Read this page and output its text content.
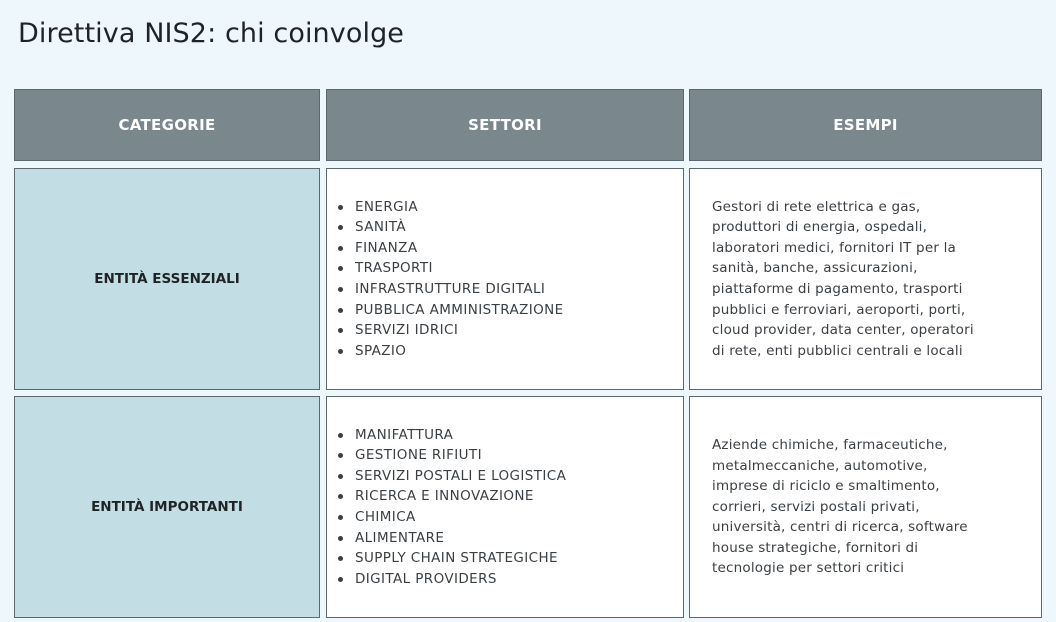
Direttiva NIS2: chi coinvolge
CATEGORIE	SETTORI	ESEMPI
ENTITÀ ESSENZIALI
ENERGIA
SANITÀ
FINANZA
TRASPORTI
INFRASTRUTTURE DIGITALI
PUBBLICA AMMINISTRAZIONE
SERVIZI IDRICI
SPAZIO
Gestori di rete elettrica e gas,
produttori di energia, ospedali,
laboratori medici, fornitori IT per la
sanità, banche, assicurazioni,
piattaforme di pagamento, trasporti
pubblici e ferroviari, aeroporti, porti,
cloud provider, data center, operatori
di rete, enti pubblici centrali e locali
ENTITÀ IMPORTANTI
MANIFATTURA
GESTIONE RIFIUTI
SERVIZI POSTALI E LOGISTICA
RICERCA E INNOVAZIONE
CHIMICA
ALIMENTARE
SUPPLY CHAIN STRATEGICHE
DIGITAL PROVIDERS
Aziende chimiche, farmaceutiche,
metalmeccaniche, automotive,
imprese di riciclo e smaltimento,
corrieri, servizi postali privati,
università, centri di ricerca, software
house strategiche, fornitori di
tecnologie per settori critici
